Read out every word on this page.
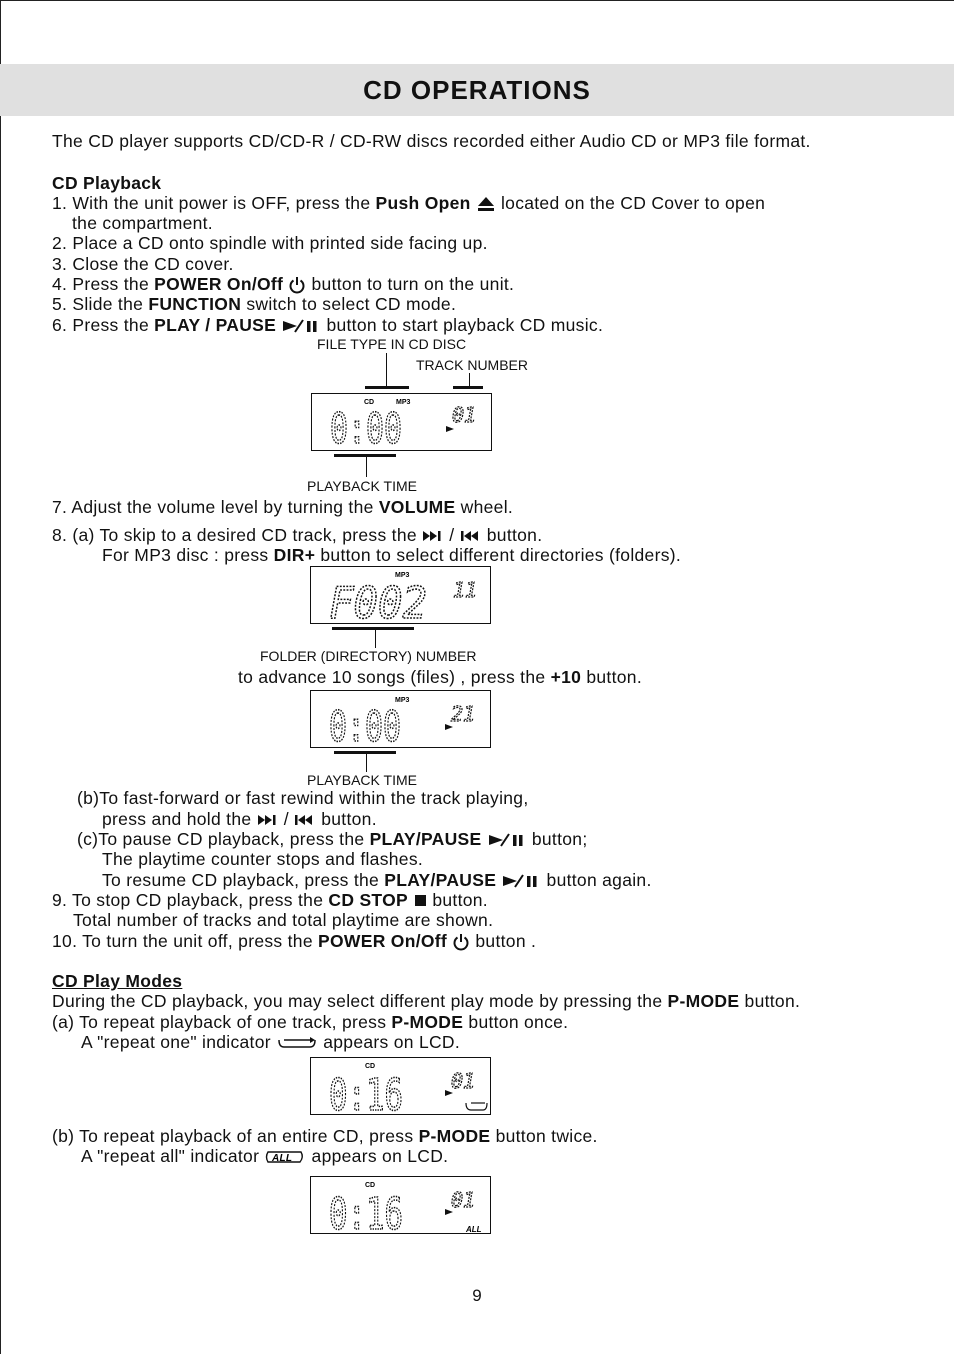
CD OPERATIONS
The CD player supports CD/CD-R / CD-RW discs recorded either Audio CD or MP3 file format.
CD Playback
1. With the unit power is OFF, press the Push Open located on the CD Cover to open
the compartment.
2. Place a CD onto spindle with printed side facing up.
3. Close the CD cover.
4. Press the POWER On/Off button to turn on the unit.
5. Slide the FUNCTION switch to select CD mode.
6. Press the PLAY / PAUSE	button to start playback CD music.
FILE TYPE IN CD DISC
TRACK NUMBER
CD	MP3
0:00	01
PLAYBACK TIME
7. Adjust the volume level by turning the VOLUME wheel.
8. (a) To skip to a desired CD track, press the  /  button.
For MP3 disc : press DIR+ button to select different directories (folders).
MP3
F002 11
FOLDER (DIRECTORY) NUMBER
to advance 10 songs (files) , press the +10 button.
MP3
0:00	21
PLAYBACK TIME
(b)To fast-forward or fast rewind within the track playing,
press and hold the  /  button.
(c)To pause CD playback, press the PLAY/PAUSE	button;
The playtime counter stops and flashes.
To resume CD playback, press the PLAY/PAUSE	button again.
9. To stop CD playback, press the CD STOP button.
Total number of tracks and total playtime are shown.
10. To turn the unit off, press the POWER On/Off button .
CD Play Modes
During the CD playback, you may select different play mode by pressing the P-MODE button.
(a) To repeat playback of one track, press P-MODE button once.
A "repeat one" indicator	appears on LCD.
CD
0:16 01
(b) To repeat playback of an entire CD, press P-MODE button twice.
A "repeat all" indicator ALL appears on LCD.
CD
0:16 01
ALL
9
